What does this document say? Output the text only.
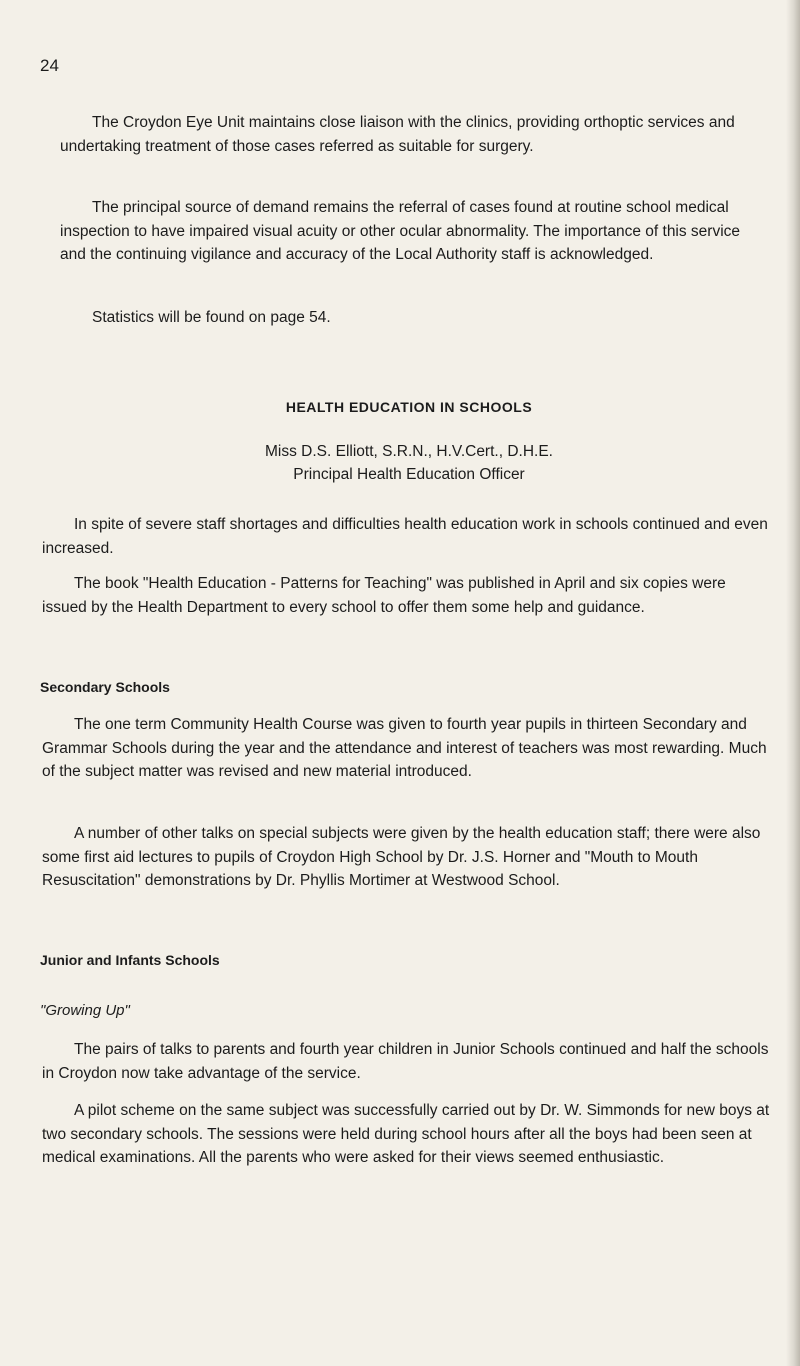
24

The Croydon Eye Unit maintains close liaison with the clinics, providing orthoptic services and undertaking treatment of those cases referred as suitable for surgery.

The principal source of demand remains the referral of cases found at routine school medical inspection to have impaired visual acuity or other ocular abnormality. The importance of this service and the continuing vigilance and accuracy of the Local Authority staff is acknowledged.

Statistics will be found on page 54.

HEALTH EDUCATION IN SCHOOLS

Miss D.S. Elliott, S.R.N., H.V.Cert., D.H.E.

Principal Health Education Officer

In spite of severe staff shortages and difficulties health education work in schools continued and even increased.

The book "Health Education - Patterns for Teaching" was published in April and six copies were issued by the Health Department to every school to offer them some help and guidance.

Secondary Schools

The one term Community Health Course was given to fourth year pupils in thirteen Secondary and Grammar Schools during the year and the attendance and interest of teachers was most rewarding. Much of the subject matter was revised and new material introduced.

A number of other talks on special subjects were given by the health education staff; there were also some first aid lectures to pupils of Croydon High School by Dr. J.S. Horner and "Mouth to Mouth Resuscitation" demonstrations by Dr. Phyllis Mortimer at Westwood School.

Junior and Infants Schools

"Growing Up"

The pairs of talks to parents and fourth year children in Junior Schools continued and half the schools in Croydon now take advantage of the service.

A pilot scheme on the same subject was successfully carried out by Dr. W. Simmonds for new boys at two secondary schools. The sessions were held during school hours after all the boys had been seen at medical examinations. All the parents who were asked for their views seemed enthusiastic.
